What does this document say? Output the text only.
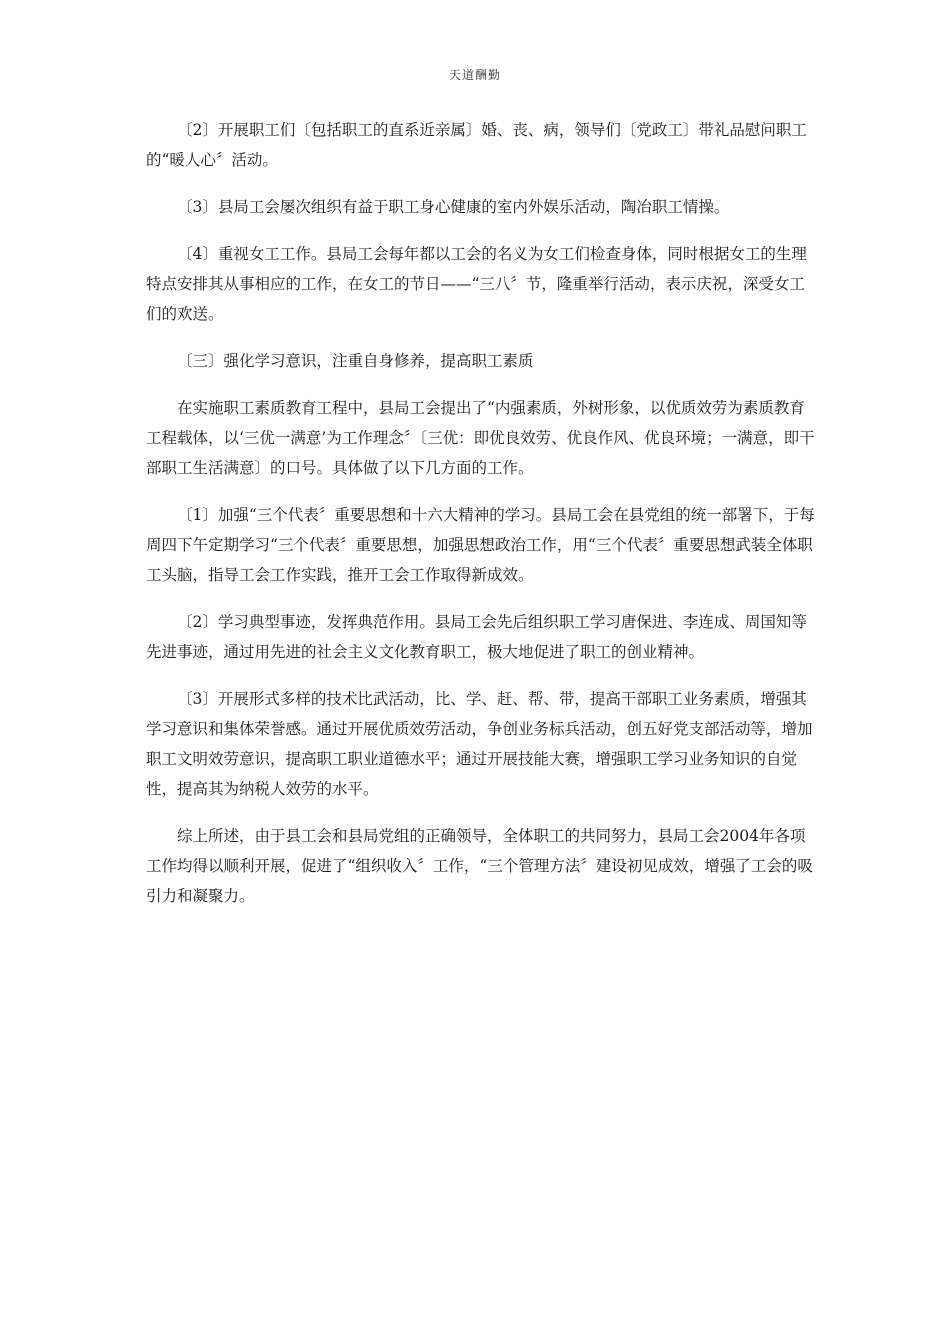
天道酬勤

〔2〕开展职工们〔包括职工的直系近亲属〕婚、丧、病，领导们〔党政工〕带礼品慰问职工的“暖人心〞活动。

〔3〕县局工会屡次组织有益于职工身心健康的室内外娱乐活动，陶冶职工情操。

〔4〕重视女工工作。县局工会每年都以工会的名义为女工们检查身体，同时根据女工的生理特点安排其从事相应的工作，在女工的节日——“三八〞节，隆重举行活动，表示庆祝，深受女工们的欢送。

〔三〕强化学习意识，注重自身修养，提高职工素质

在实施职工素质教育工程中，县局工会提出了“内强素质，外树形象，以优质效劳为素质教育工程载体，以‘三优一满意’为工作理念〞〔三优：即优良效劳、优良作风、优良环境；一满意，即干部职工生活满意〕的口号。具体做了以下几方面的工作。

〔1〕加强“三个代表〞重要思想和十六大精神的学习。县局工会在县党组的统一部署下，于每周四下午定期学习“三个代表〞重要思想，加强思想政治工作，用“三个代表〞重要思想武装全体职工头脑，指导工会工作实践，推开工会工作取得新成效。

〔2〕学习典型事迹，发挥典范作用。县局工会先后组织职工学习唐保进、李连成、周国知等先进事迹，通过用先进的社会主义文化教育职工，极大地促进了职工的创业精神。

〔3〕开展形式多样的技术比武活动，比、学、赶、帮、带，提高干部职工业务素质，增强其学习意识和集体荣誉感。通过开展优质效劳活动，争创业务标兵活动，创五好党支部活动等，增加职工文明效劳意识，提高职工职业道德水平；通过开展技能大赛，增强职工学习业务知识的自觉性，提高其为纳税人效劳的水平。

综上所述，由于县工会和县局党组的正确领导，全体职工的共同努力，县局工会2004年各项工作均得以顺利开展，促进了“组织收入〞工作，“三个管理方法〞建设初见成效，增强了工会的吸引力和凝聚力。
